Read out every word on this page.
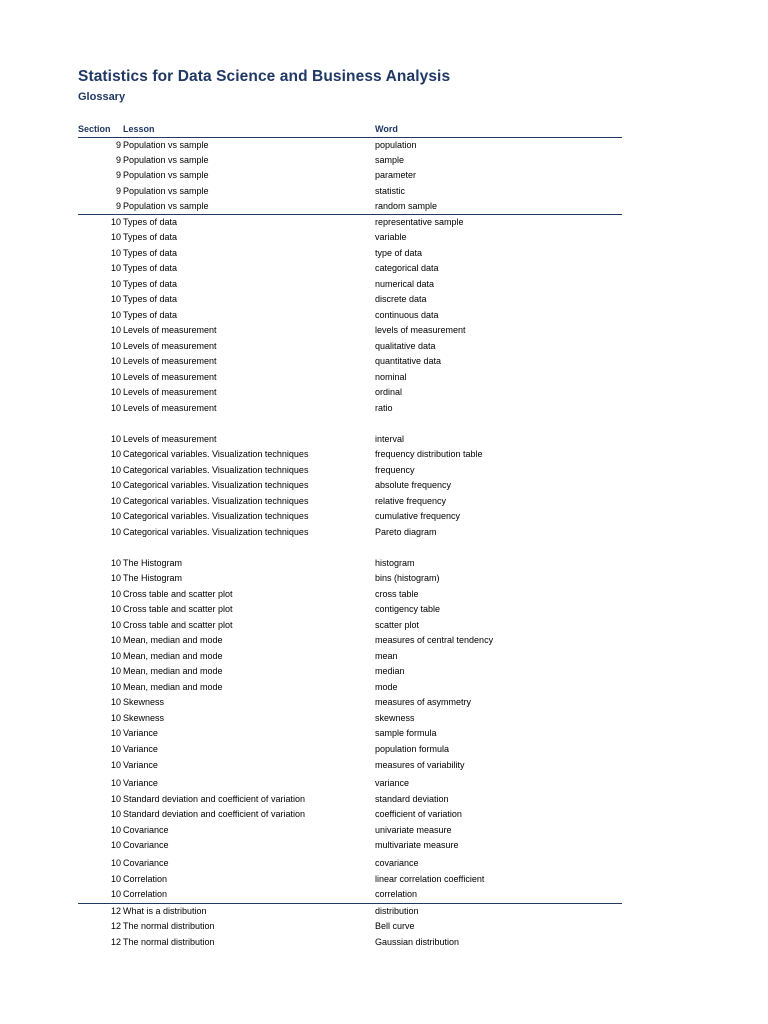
Statistics for Data Science and Business Analysis
Glossary
Section Lesson	Word
9 Population vs sample	population
9 Population vs sample	sample
9 Population vs sample	parameter
9 Population vs sample	statistic
9 Population vs sample	random sample
10 Types of data	representative sample
10 Types of data	variable
10 Types of data	type of data
10 Types of data	categorical data
10 Types of data	numerical data
10 Types of data	discrete data
10 Types of data	continuous data
10 Levels of measurement	levels of measurement
10 Levels of measurement	qualitative data
10 Levels of measurement	quantitative data
10 Levels of measurement	nominal
10 Levels of measurement	ordinal
10 Levels of measurement	ratio
10 Levels of measurement	interval
10 Categorical variables. Visualization techniques	frequency distribution table
10 Categorical variables. Visualization techniques	frequency
10 Categorical variables. Visualization techniques	absolute frequency
10 Categorical variables. Visualization techniques	relative frequency
10 Categorical variables. Visualization techniques	cumulative frequency
10 Categorical variables. Visualization techniques	Pareto diagram
10 The Histogram	histogram
10 The Histogram	bins (histogram)
10 Cross table and scatter plot	cross table
10 Cross table and scatter plot	contigency table
10 Cross table and scatter plot	scatter plot
10 Mean, median and mode	measures of central tendency
10 Mean, median and mode	mean
10 Mean, median and mode	median
10 Mean, median and mode	mode
10 Skewness	measures of asymmetry
10 Skewness	skewness
10 Variance	sample formula
10 Variance	population formula
10 Variance	measures of variability
10 Variance	variance
10 Standard deviation and coefficient of variation	standard deviation
10 Standard deviation and coefficient of variation	coefficient of variation
10 Covariance	univariate measure
10 Covariance	multivariate measure
10 Covariance	covariance
10 Correlation	linear correlation coefficient
10 Correlation	correlation
12 What is a distribution	distribution
12 The normal distribution	Bell curve
12 The normal distribution	Gaussian distribution
